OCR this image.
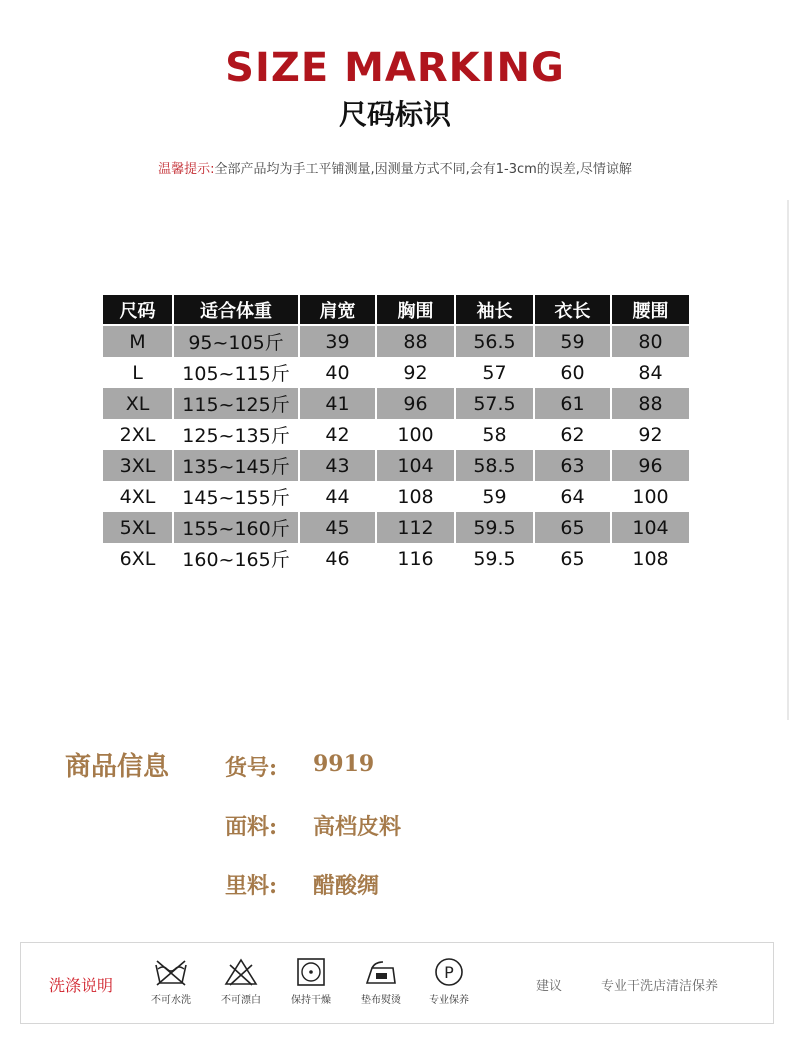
SIZE MARKING
尺码标识
温馨提示:全部产品均为手工平铺测量,因测量方式不同,会有1-3cm的误差,尽情谅解
尺码	适合体重	肩宽	胸围	袖长	衣长	腰围
M	95~105斤	39	88	56.5	59	80
L	105~115斤	40	92	57	60	84
XL	115~125斤	41	96	57.5	61	88
2XL	125~135斤	42	100	58	62	92
3XL	135~145斤	43	104	58.5	63	96
4XL	145~155斤	44	108	59	64	100
5XL	155~160斤	45	112	59.5	65	104
6XL	160~165斤	46	116	59.5	65	108
商品信息	货号: 9919
面料: 高档皮料
里料: 醋酸绸
洗涤说明
不可水洗	不可漂白	保持干燥	垫布熨烫
P
专业保养
建议	专业干洗店清洁保养
